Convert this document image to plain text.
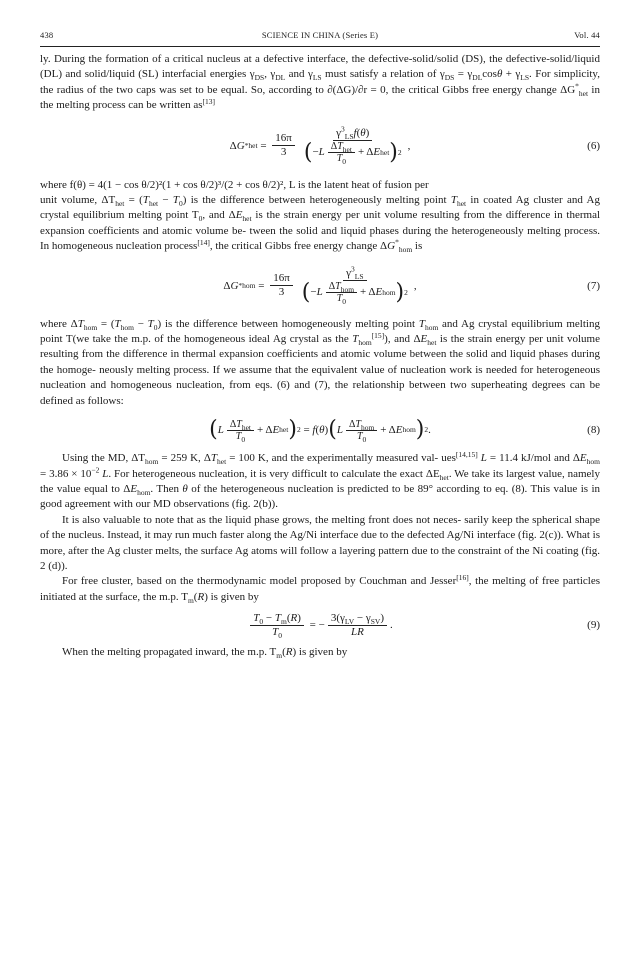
438	SCIENCE IN CHINA (Series E)	Vol. 44

ly. During the formation of a critical nucleus at a defective interface, the defective-solid/solid (DS), the defective-solid/liquid (DL) and solid/liquid (SL) interfacial energies $\gamma_{DS}$, $\gamma_{DL}$ and $\gamma_{LS}$ must satisfy a relation of $\gamma_{DS} = \gamma_{DL}\cos\theta + \gamma_{LS}$. For simplicity, the radius of the two caps was set to be equal. So, according to ∂(ΔG)/∂r = 0, the critical Gibbs free energy change $\Delta G^*_{het}$ in the melting process can be written as[13]

Δ G * het = $\frac{16\pi}{3} \frac{\gamma^3_{LS}f(\theta)}{( - L \frac{\Delta T_{het}}{T_0} + \Delta E het ) 2}$ ,	(6)

where f(θ) = 4(1 − cos θ/2)²(1 + cos θ/2)³/(2 + cos θ/2)², L is the latent heat of fusion per
unit volume, $\Delta T_{het} = (T_{het} - T_0)$ is the difference between heterogeneously melting point $T_{het}$ in coated Ag cluster and Ag crystal equilibrium melting point $T_0$, and $\Delta E_{het}$ is the strain energy per unit volume resulting from the difference in thermal expansion coefficients and atomic volume be- tween the solid and liquid phases during the heterogeneously melting process. In homogeneous nucleation process[14], the critical Gibbs free energy change $\Delta G^*_{hom}$ is

Δ G * hom = $\frac{16\pi}{3} \frac{\gamma^3_{LS}}{( - L \frac{\Delta T_{hom}}{T_0} + \Delta E hom ) 2}$ ,	(7)

where $\Delta T_{hom} = (T_{hom} - T_0)$ is the difference between homogeneously melting point $T_{hom}$ and Ag crystal equilibrium melting point T(we take the m.p. of the homogeneous ideal Ag crystal as the $T_{hom}[15]$), and $\Delta E_{het}$ is the strain energy per unit volume resulting from the difference in thermal expansion coefficients and atomic volume between the solid and liquid phases during the homoge- neously melting process. If we assume that the equivalent value of nucleation work is needed for heterogeneous nucleation and homogeneous nucleation, from eqs. (6) and (7), the relationship between two superheating degrees can be defined as follows:

( L $\frac{\Delta T_{het}}{T_0} + \Delta$ E het ) 2 = f ( θ ) ( L $\frac{\Delta T_{hom}}{T_0} + \Delta$ E hom ) 2 .	(8)

Using the MD, $\Delta T_{hom} = 259$ K, $\Delta T_{het} = 100$ K, and the experimentally measured val- ues[14,15] L = 11.4 kJ/mol and $\Delta E_{hom} = 3.86 \times 10^{-2}$ L. For heterogeneous nucleation, it is very difficult to calculate the exact $\Delta E_{het}$. We take its largest value, namely the value equal to $\Delta E_{hom}$. Then θ of the heterogeneous nucleation is predicted to be 89° according to eq. (8). This value is in good agreement with our MD observations (fig. 2(b)).

It is also valuable to note that as the liquid phase grows, the melting front does not neces- sarily keep the spherical shape of the nucleus. Instead, it may run much faster along the Ag/Ni interface due to the defected Ag/Ni interface (fig. 2(c)). What is more, after the Ag cluster melts, the surface Ag atoms will follow a layering pattern due to the constraint of the Ni coating (fig. 2 (d)).

For free cluster, based on the thermodynamic model proposed by Couchman and Jesser[16], the melting of free particles initiated at the surface, the m.p. $T_m(R)$ is given by

$\frac{T_0 - T_m(R)}{T_0}$ = − $\frac{3(\gamma_{LV} - \gamma_{SV})}{LR}$ .	(9)

When the melting propagated inward, the m.p. $T_m(R)$ is given by
